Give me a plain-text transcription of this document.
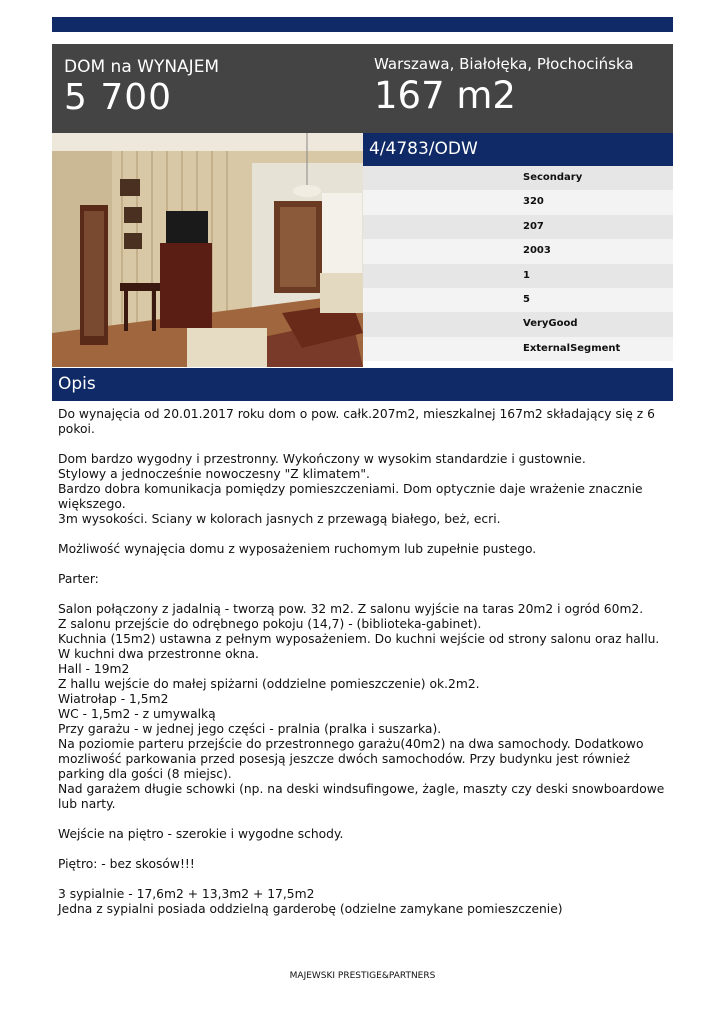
DOM na WYNAJEM
5 700
Warszawa, Białołęka, Płochocińska
167 m2
4/4783/ODW
Secondary
320
207
2003
1
5
VeryGood
ExternalSegment
Opis

Do wynajęcia od 20.01.2017 roku dom o pow. całk.207m2, mieszkalnej 167m2 składający się z 6 pokoi.

Dom bardzo wygodny i przestronny. Wykończony w wysokim standardzie i gustownie.

Stylowy a jednocześnie nowoczesny "Z klimatem".

Bardzo dobra komunikacja pomiędzy pomieszczeniami. Dom optycznie daje wrażenie znacznie większego.

3m wysokości. Sciany w kolorach jasnych z przewagą białego, beż, ecri.

Możliwość wynajęcia domu z wyposażeniem ruchomym lub zupełnie pustego.

Parter:

Salon połączony z jadalnią - tworzą pow. 32 m2. Z salonu wyjście na taras 20m2 i ogród 60m2.

Z salonu przejście do odrębnego pokoju (14,7) - (biblioteka-gabinet).

Kuchnia (15m2) ustawna z pełnym wyposażeniem. Do kuchni wejście od strony salonu oraz hallu.

W kuchni dwa przestronne okna.

Hall - 19m2

Z hallu wejście do małej spiżarni (oddzielne pomieszczenie) ok.2m2.

Wiatrołap - 1,5m2

WC - 1,5m2 - z umywalką

Przy garażu - w jednej jego części - pralnia (pralka i suszarka).

Na poziomie parteru przejście do przestronnego garażu(40m2) na dwa samochody. Dodatkowo mozliwość parkowania przed posesją jeszcze dwóch samochodów. Przy budynku jest również parking dla gości (8 miejsc).

Nad garażem długie schowki (np. na deski windsufingowe, żagle, maszty czy deski snowboardowe lub narty.

Wejście na piętro - szerokie i wygodne schody.

Piętro: - bez skosów!!!

3 sypialnie - 17,6m2 + 13,3m2 + 17,5m2

Jedna z sypialni posiada oddzielną garderobę (odzielne zamykane pomieszczenie)

MAJEWSKI PRESTIGE&PARTNERS
